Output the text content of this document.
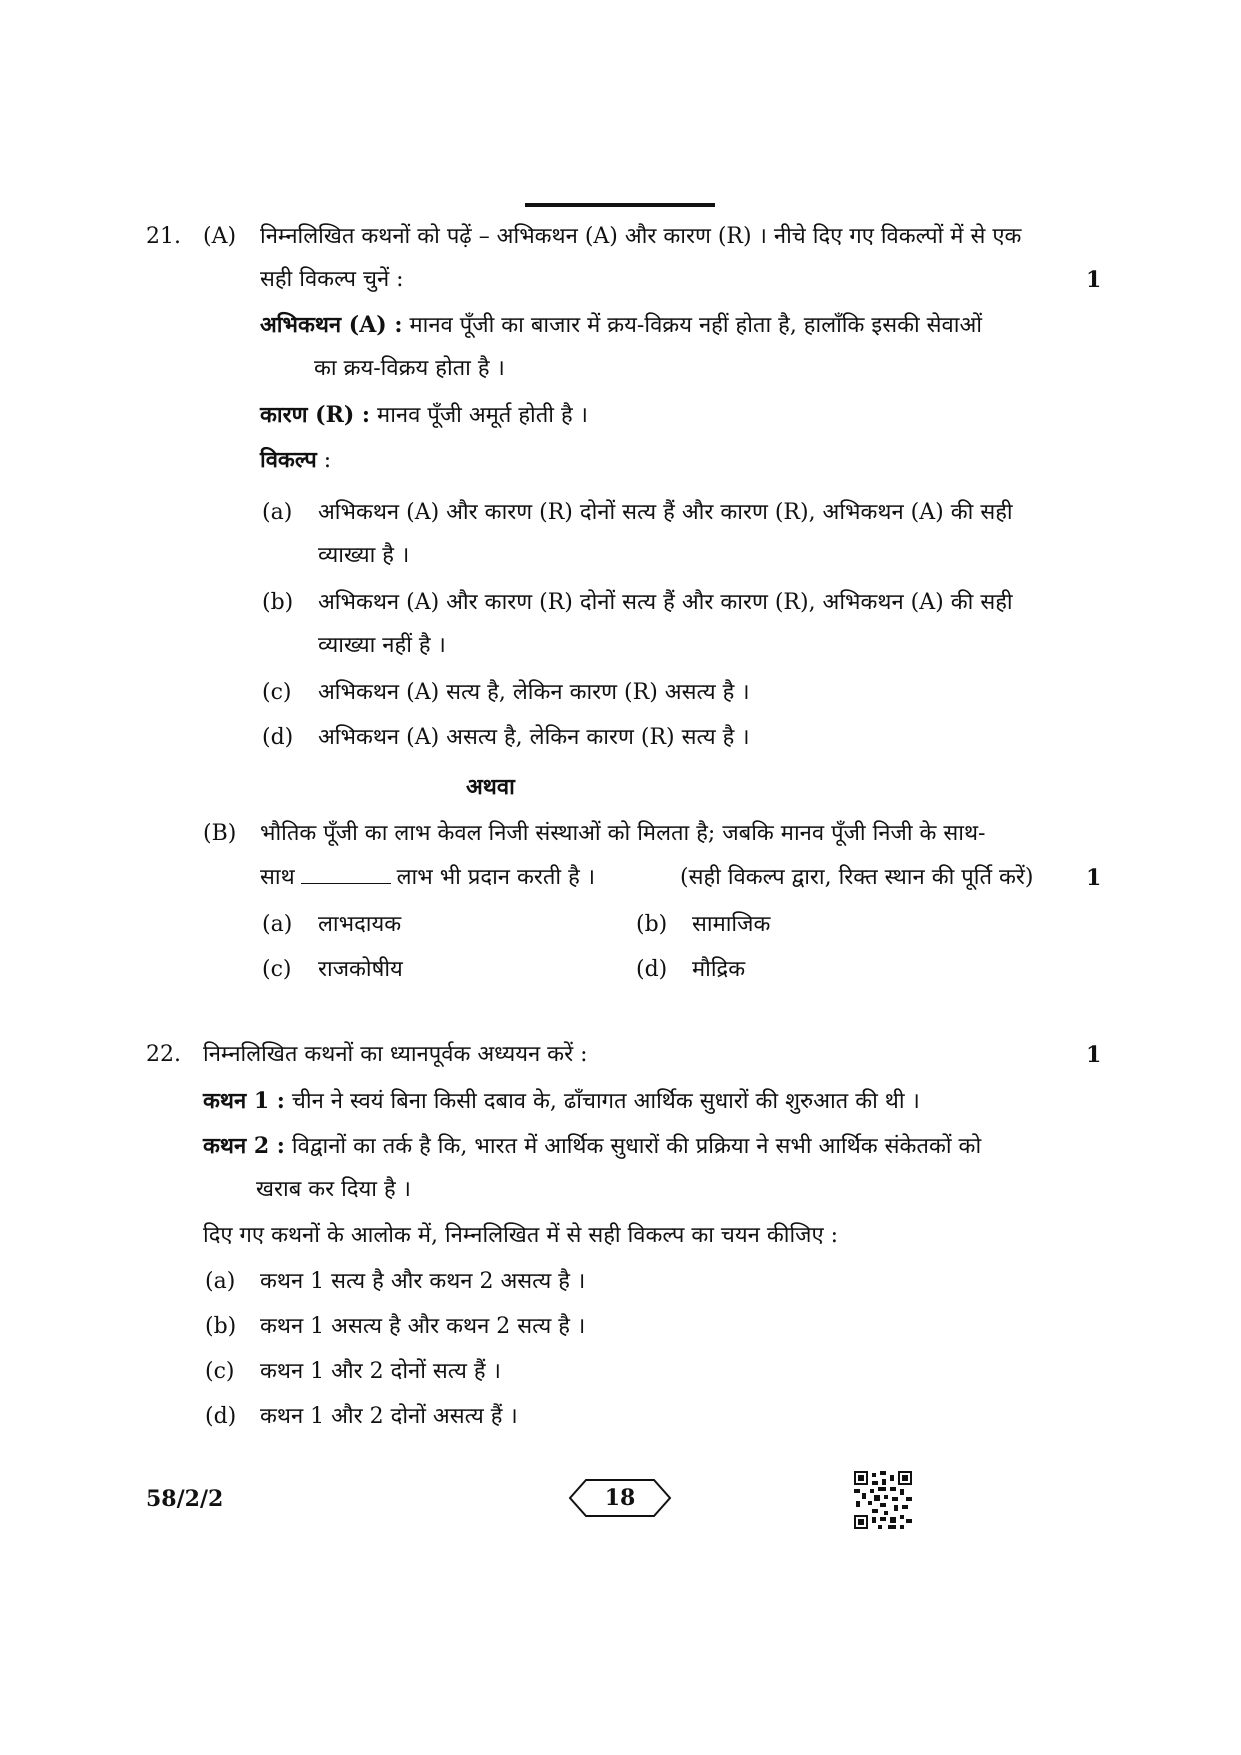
21. (A) निम्नलिखित कथनों को पढ़ें – अभिकथन (A) और कारण (R) । नीचे दिए गए विकल्पों में से एक
सही विकल्प चुनें :	1
अभिकथन (A) : मानव पूँजी का बाजार में क्रय-विक्रय नहीं होता है, हालाँकि इसकी सेवाओं
का क्रय-विक्रय होता है ।
कारण (R) : मानव पूँजी अमूर्त होती है ।
विकल्प :
(a) अभिकथन (A) और कारण (R) दोनों सत्य हैं और कारण (R), अभिकथन (A) की सही
व्याख्या है ।
(b) अभिकथन (A) और कारण (R) दोनों सत्य हैं और कारण (R), अभिकथन (A) की सही
व्याख्या नहीं है ।
(c) अभिकथन (A) सत्य है, लेकिन कारण (R) असत्य है ।
(d) अभिकथन (A) असत्य है, लेकिन कारण (R) सत्य है ।
अथवा
(B) भौतिक पूँजी का लाभ केवल निजी संस्थाओं को मिलता है; जबकि मानव पूँजी निजी के साथ-
साथ	लाभ भी प्रदान करती है ।	(सही विकल्प द्वारा, रिक्त स्थान की पूर्ति करें) 1
(a) लाभदायक	(b) सामाजिक
(c) राजकोषीय	(d) मौद्रिक
22. निम्नलिखित कथनों का ध्यानपूर्वक अध्ययन करें :	1
कथन 1 : चीन ने स्वयं बिना किसी दबाव के, ढाँचागत आर्थिक सुधारों की शुरुआत की थी ।
कथन 2 : विद्वानों का तर्क है कि, भारत में आर्थिक सुधारों की प्रक्रिया ने सभी आर्थिक संकेतकों को
खराब कर दिया है ।
दिए गए कथनों के आलोक में, निम्नलिखित में से सही विकल्प का चयन कीजिए :
(a) कथन 1 सत्य है और कथन 2 असत्य है ।
(b) कथन 1 असत्य है और कथन 2 सत्य है ।
(c) कथन 1 और 2 दोनों सत्य हैं ।
(d) कथन 1 और 2 दोनों असत्य हैं ।
58/2/2	18
